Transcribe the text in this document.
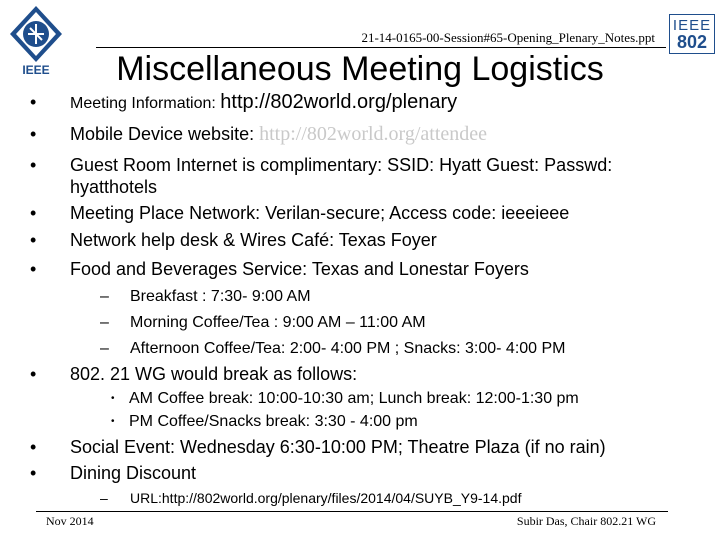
IEEE
IEEE
802
21-14-0165-00-Session#65-Opening_Plenary_Notes.ppt
Miscellaneous Meeting Logistics
• Meeting Information: http://802world.org/plenary
• Mobile Device website: http://802world.org/attendee
• Guest Room Internet is complimentary: SSID: Hyatt Guest: Passwd:
hyatthotels
• Meeting Place Network: Verilan-secure; Access code: ieeeieee
• Network help desk & Wires Café: Texas Foyer
• Food and Beverages Service: Texas and Lonestar Foyers
– Breakfast : 7:30- 9:00 AM
– Morning Coffee/Tea : 9:00 AM – 11:00 AM
– Afternoon Coffee/Tea: 2:00- 4:00 PM ; Snacks: 3:00- 4:00 PM
• 802. 21 WG would break as follows:
• AM Coffee break: 10:00-10:30 am; Lunch break: 12:00-1:30 pm
• PM Coffee/Snacks break: 3:30 - 4:00 pm
• Social Event: Wednesday 6:30-10:00 PM; Theatre Plaza (if no rain)
• Dining Discount
– URL:http://802world.org/plenary/files/2014/04/SUYB_Y9-14.pdf
Nov 2014	Subir Das, Chair 802.21 WG
